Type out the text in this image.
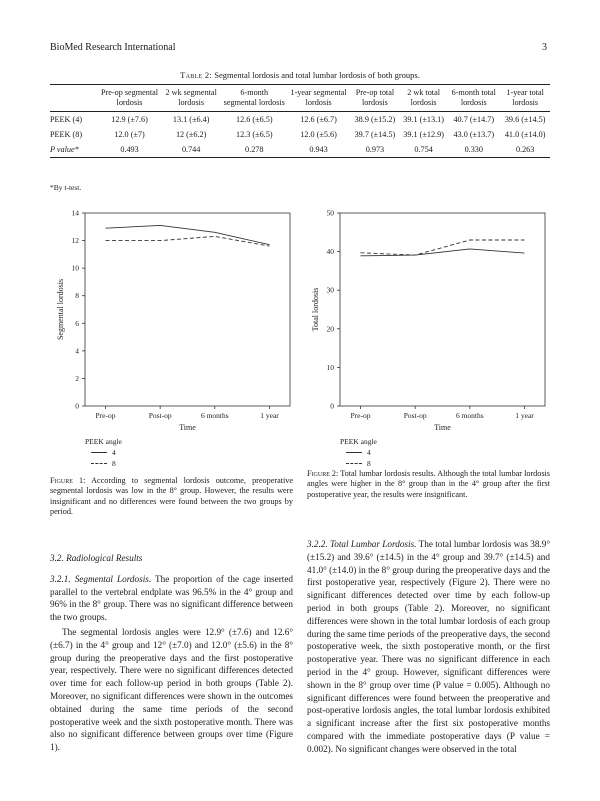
BioMed Research International	3
Table 2: Segmental lordosis and total lumbar lordosis of both groups.
	Pre-op segmental lordosis	2 wk segmental lordosis	6-month segmental lordosis	1-year segmental lordosis	Pre-op total lordosis	2 wk total lordosis	6-month total lordosis	1-year total lordosis
PEEK (4)	12.9 (±7.6)	13.1 (±6.4)	12.6 (±6.5)	12.6 (±6.7)	38.9 (±15.2)	39.1 (±13.1)	40.7 (±14.7)	39.6 (±14.5)
PEEK (8)	12.0 (±7)	12 (±6.2)	12.3 (±6.5)	12.0 (±5.6)	39.7 (±14.5)	39.1 (±12.9)	43.0 (±13.7)	41.0 (±14.0)
P value*	0.493	0.744	0.278	0.943	0.973	0.754	0.330	0.263
*By t-test.
0
2
4
6
8
10
12
14
Pre-op	Post-op	6 months	1 year
Time
Segmental lordosis
PEEK angle
4
8
0
10
20
30
40
50
Pre-op	Post-op	6 months	1 year
Time
Total lordosis
PEEK angle
4
8
Figure 1: According to segmental lordosis outcome, preoperative segmental lordosis was low in the 8° group. However, the results were insignificant and no differences were found between the two groups by period.
Figure 2: Total lumbar lordosis results. Although the total lumbar lordosis angles were higher in the 8° group than in the 4° group after the first postoperative year, the results were insignificant.
3.2. Radiological Results

3.2.1. Segmental Lordosis. The proportion of the cage inserted parallel to the vertebral endplate was 96.5% in the 4° group and 96% in the 8° group. There was no significant difference between the two groups.

The segmental lordosis angles were 12.9° (±7.6) and 12.6° (±6.7) in the 4° group and 12° (±7.0) and 12.0° (±5.6) in the 8° group during the preoperative days and the first postoperative year, respectively. There were no significant differences detected over time for each follow-up period in both groups (Table 2). Moreover, no significant differences were shown in the outcomes obtained during the same time periods of the second postoperative week and the sixth postoperative month. There was also no significant difference between groups over time (Figure 1).

3.2.2. Total Lumbar Lordosis. The total lumbar lordosis was 38.9° (±15.2) and 39.6° (±14.5) in the 4° group and 39.7° (±14.5) and 41.0° (±14.0) in the 8° group during the preoperative days and the first postoperative year, respectively (Figure 2). There were no significant differences detected over time by each follow-up period in both groups (Table 2). Moreover, no significant differences were shown in the total lumbar lordosis of each group during the same time periods of the preoperative days, the second postoperative week, the sixth postoperative month, or the first postoperative year. There was no significant difference in each period in the 4° group. However, significant differences were shown in the 8° group over time (P value = 0.005). Although no significant differences were found between the preoperative and post-operative lordosis angles, the total lumbar lordosis exhibited a significant increase after the first six postoperative months compared with the immediate postoperative days (P value = 0.002). No significant changes were observed in the total
